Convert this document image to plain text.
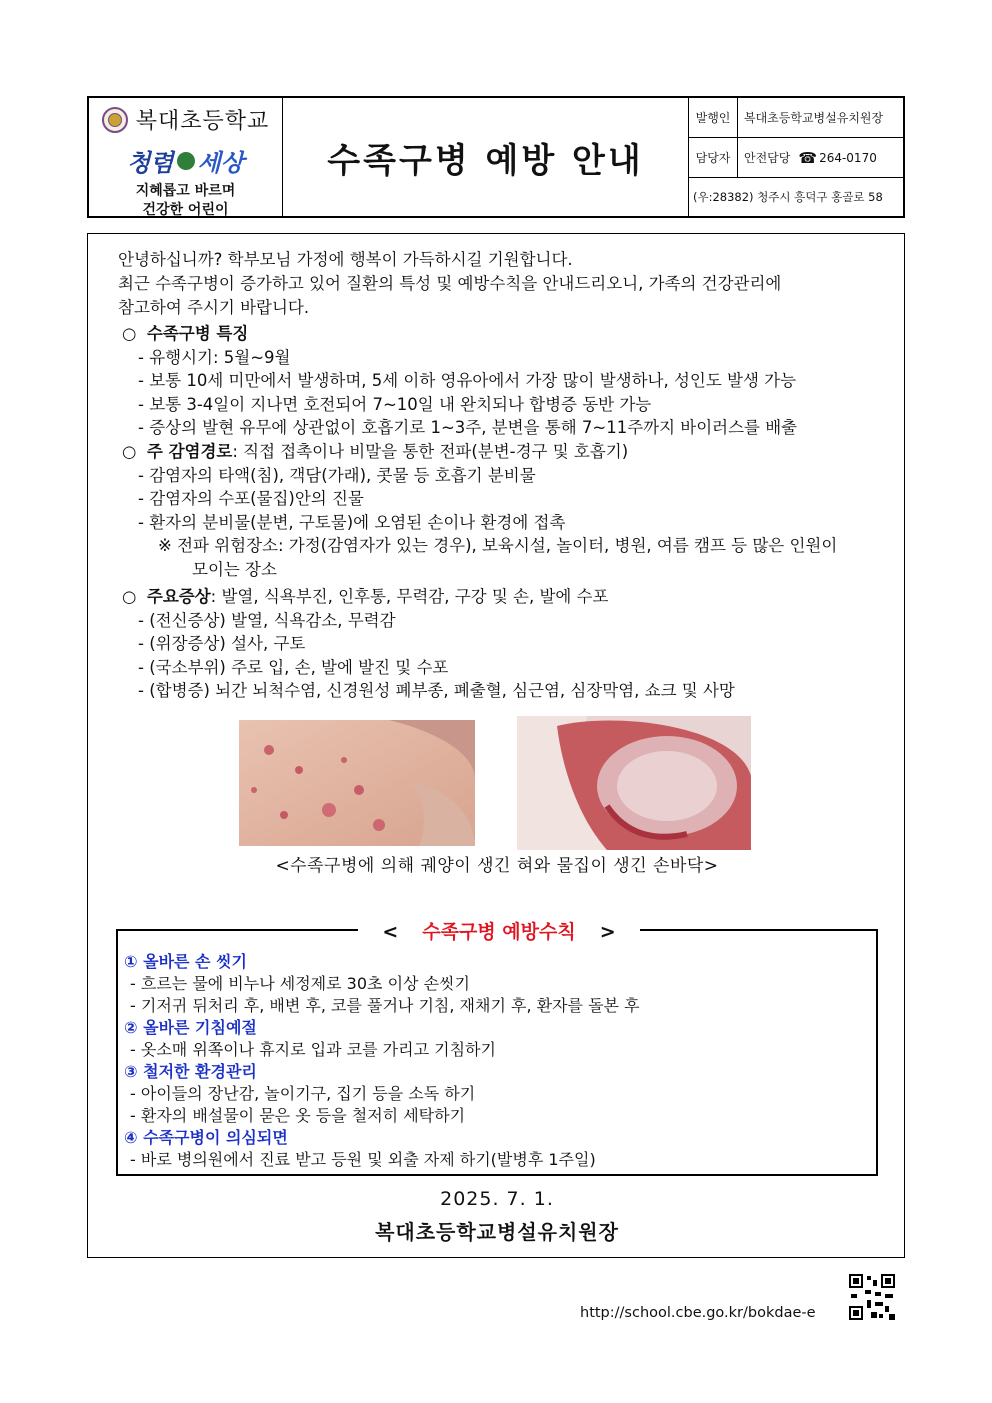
복대초등학교
청렴 세상
지혜롭고 바르며
건강한 어린이
수족구병 예방 안내
발행인	복대초등학교병설유치원장
담당자	안전담당 ☎ 264-0170
(우:28382) 청주시 흥덕구 홍골로 58
안녕하십니까? 학부모님 가정에 행복이 가득하시길 기원합니다.
최근 수족구병이 증가하고 있어 질환의 특성 및 예방수칙을 안내드리오니, 가족의 건강관리에
참고하여 주시기 바랍니다.
○ 수족구병 특징
- 유행시기: 5월~9월
- 보통 10세 미만에서 발생하며, 5세 이하 영유아에서 가장 많이 발생하나, 성인도 발생 가능
- 보통 3-4일이 지나면 호전되어 7~10일 내 완치되나 합병증 동반 가능
- 증상의 발현 유무에 상관없이 호흡기로 1~3주, 분변을 통해 7~11주까지 바이러스를 배출
○ 주 감염경로: 직접 접촉이나 비말을 통한 전파(분변-경구 및 호흡기)
- 감염자의 타액(침), 객담(가래), 콧물 등 호흡기 분비물
- 감염자의 수포(물집)안의 진물
- 환자의 분비물(분변, 구토물)에 오염된 손이나 환경에 접촉
※ 전파 위험장소: 가정(감염자가 있는 경우), 보육시설, 놀이터, 병원, 여름 캠프 등 많은 인원이
모이는 장소
○ 주요증상: 발열, 식욕부진, 인후통, 무력감, 구강 및 손, 발에 수포
- (전신증상) 발열, 식욕감소, 무력감
- (위장증상) 설사, 구토
- (국소부위) 주로 입, 손, 발에 발진 및 수포
- (합병증) 뇌간 뇌척수염, 신경원성 폐부종, 폐출혈, 심근염, 심장막염, 쇼크 및 사망
<수족구병에 의해 궤양이 생긴 혀와 물집이 생긴 손바닥>
< 수족구병 예방수칙 >
① 올바른 손 씻기
- 흐르는 물에 비누나 세정제로 30초 이상 손씻기
- 기저귀 뒤처리 후, 배변 후, 코를 풀거나 기침, 재채기 후, 환자를 돌본 후
② 올바른 기침예절
- 옷소매 위쪽이나 휴지로 입과 코를 가리고 기침하기
③ 철저한 환경관리
- 아이들의 장난감, 놀이기구, 집기 등을 소독 하기
- 환자의 배설물이 묻은 옷 등을 철저히 세탁하기
④ 수족구병이 의심되면
- 바로 병의원에서 진료 받고 등원 및 외출 자제 하기(발병후 1주일)
2025. 7. 1.
복대초등학교병설유치원장
http://school.cbe.go.kr/bokdae-e
